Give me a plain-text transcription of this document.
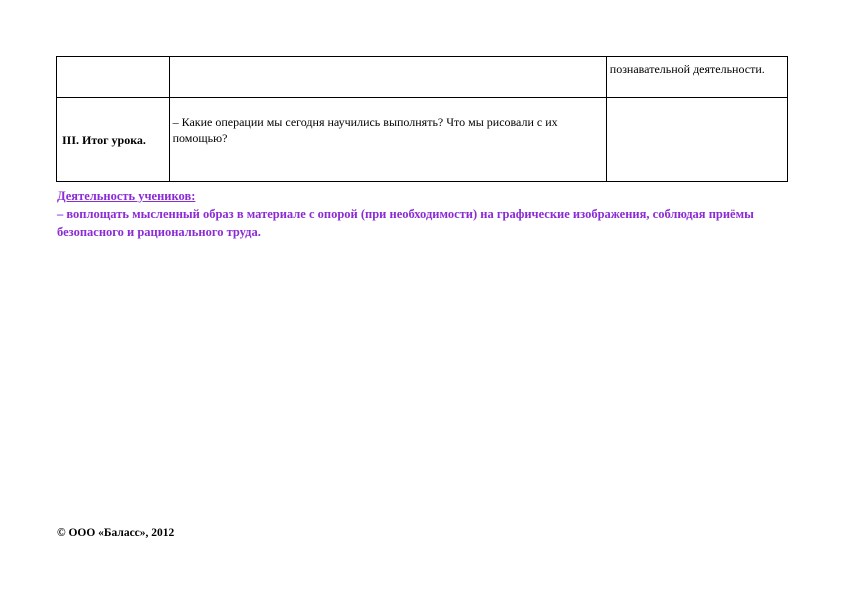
		познавательной деятельности.
III. Итог урока.	– Какие операции мы сегодня научились выполнять? Что мы рисовали с их помощью?	
Деятельность учеников:
– воплощать мысленный образ в материале с опорой (при необходимости) на графические изображения, соблюдая приёмы безопасного и рационального труда.
© ООО «Баласс», 2012
